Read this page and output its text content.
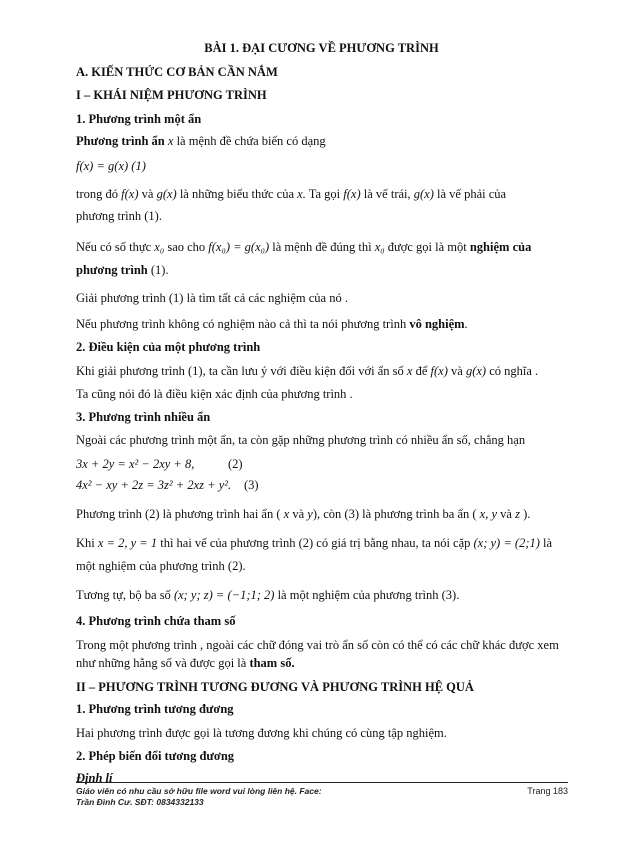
BÀI 1. ĐẠI CƯƠNG VỀ PHƯƠNG TRÌNH
A. KIẾN THỨC CƠ BẢN CẦN NẮM
I – KHÁI NIỆM PHƯƠNG TRÌNH
1. Phương trình một ẩn
Phương trình ẩn x là mệnh đề chứa biến có dạng
f(x) = g(x) (1)
trong đó f(x) và g(x) là những biểu thức của x. Ta gọi f(x) là vế trái, g(x) là vế phải của
phương trình (1).
Nếu có số thực x₀ sao cho f(x₀) = g(x₀) là mệnh đề đúng thì x₀ được gọi là một nghiệm của
phương trình (1).
Giải phương trình (1) là tìm tất cả các nghiệm của nó .
Nếu phương trình không có nghiệm nào cả thì ta nói phương trình vô nghiệm.
2. Điều kiện của một phương trình
Khi giải phương trình (1), ta cần lưu ý với điều kiện đối với ẩn số x để f(x) và g(x) có nghĩa .
Ta cũng nói đó là điều kiện xác định của phương trình .
3. Phương trình nhiều ẩn
Ngoài các phương trình một ẩn, ta còn gặp những phương trình có nhiều ẩn số, chẳng hạn
3x + 2y = x² − 2xy + 8,	(2)
4x² − xy + 2z = 3z² + 2xz + y². (3)
Phương trình (2) là phương trình hai ẩn ( x và y), còn (3) là phương trình ba ẩn ( x, y và z ).
Khi x = 2, y = 1 thì hai vế của phương trình (2) có giá trị bằng nhau, ta nói cặp (x; y) = (2;1) là
một nghiệm của phương trình (2).
Tương tự, bộ ba số (x; y; z) = (−1;1; 2) là một nghiệm của phương trình (3).
4. Phương trình chứa tham số
Trong một phương trình , ngoài các chữ đóng vai trò ẩn số còn có thể có các chữ khác được xem
như những hằng số và được gọi là tham số.
II – PHƯƠNG TRÌNH TƯƠNG ĐƯƠNG VÀ PHƯƠNG TRÌNH HỆ QUẢ
1. Phương trình tương đương
Hai phương trình được gọi là tương đương khi chúng có cùng tập nghiệm.
2. Phép biến đổi tương đương
Định lí
Giáo viên có nhu cầu sở hữu file word vui lòng liên hệ. Face:
Trần Đình Cư. SĐT: 0834332133
Trang 183
